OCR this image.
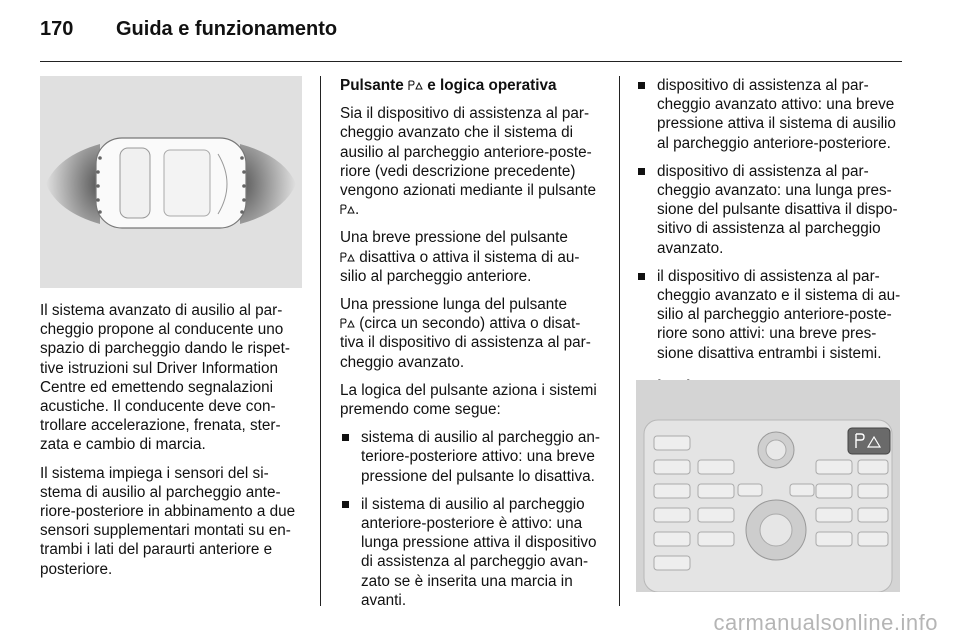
170 Guida e funzionamento

Il sistema avanzato di ausilio al par-
cheggio propone al conducente uno
spazio di parcheggio dando le rispet-
tive istruzioni sul Driver Information
Centre ed emettendo segnalazioni
acustiche. Il conducente deve con-
trollare accelerazione, frenata, ster-
zata e cambio di marcia.

Il sistema impiega i sensori del si-
stema di ausilio al parcheggio ante-
riore-posteriore in abbinamento a due
sensori supplementari montati su en-
trambi i lati del paraurti anteriore e
posteriore.

Pulsante e logica operativa

Sia il dispositivo di assistenza al par-
cheggio avanzato che il sistema di
ausilio al parcheggio anteriore-poste-
riore (vedi descrizione precedente)
vengono azionati mediante il pulsante
.

Una breve pressione del pulsante
disattiva o attiva il sistema di au-
silio al parcheggio anteriore.

Una pressione lunga del pulsante
(circa un secondo) attiva o disat-
tiva il dispositivo di assistenza al par-
cheggio avanzato.

La logica del pulsante aziona i sistemi
premendo come segue:

sistema di ausilio al parcheggio an-
teriore-posteriore attivo: una breve
pressione del pulsante lo disattiva.
il sistema di ausilio al parcheggio
anteriore-posteriore è attivo: una
lunga pressione attiva il dispositivo
di assistenza al parcheggio avan-
zato se è inserita una marcia in
avanti.
dispositivo di assistenza al par-
cheggio avanzato attivo: una breve
pressione attiva il sistema di ausilio
al parcheggio anteriore-posteriore.
dispositivo di assistenza al par-
cheggio avanzato: una lunga pres-
sione del pulsante disattiva il dispo-
sitivo di assistenza al parcheggio
avanzato.
il dispositivo di assistenza al par-
cheggio avanzato e il sistema di au-
silio al parcheggio anteriore-poste-
riore sono attivi: una breve pres-
sione disattiva entrambi i sistemi.

carmanualsonline.info
